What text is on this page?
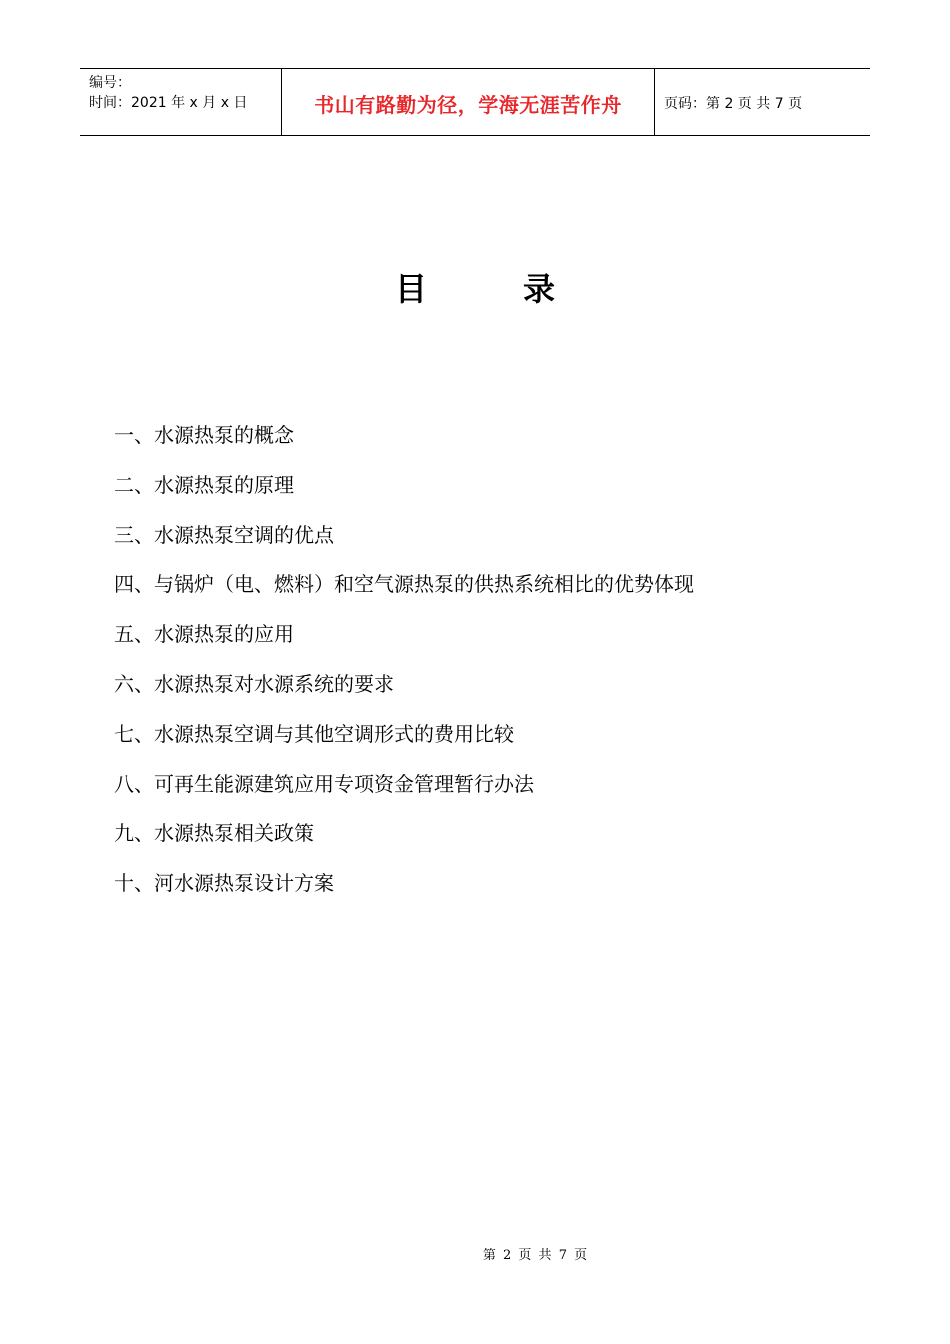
编号：
时间：2021 年 x 月 x 日	书山有路勤为径，学海无涯苦作舟	页码：第 2 页 共 7 页
目	录
一、水源热泵的概念
二、水源热泵的原理
三、水源热泵空调的优点
四、与锅炉（电、燃料）和空气源热泵的供热系统相比的优势体现
五、水源热泵的应用
六、水源热泵对水源系统的要求
七、水源热泵空调与其他空调形式的费用比较
八、可再生能源建筑应用专项资金管理暂行办法
九、水源热泵相关政策
十、河水源热泵设计方案
第 2 页 共 7 页
